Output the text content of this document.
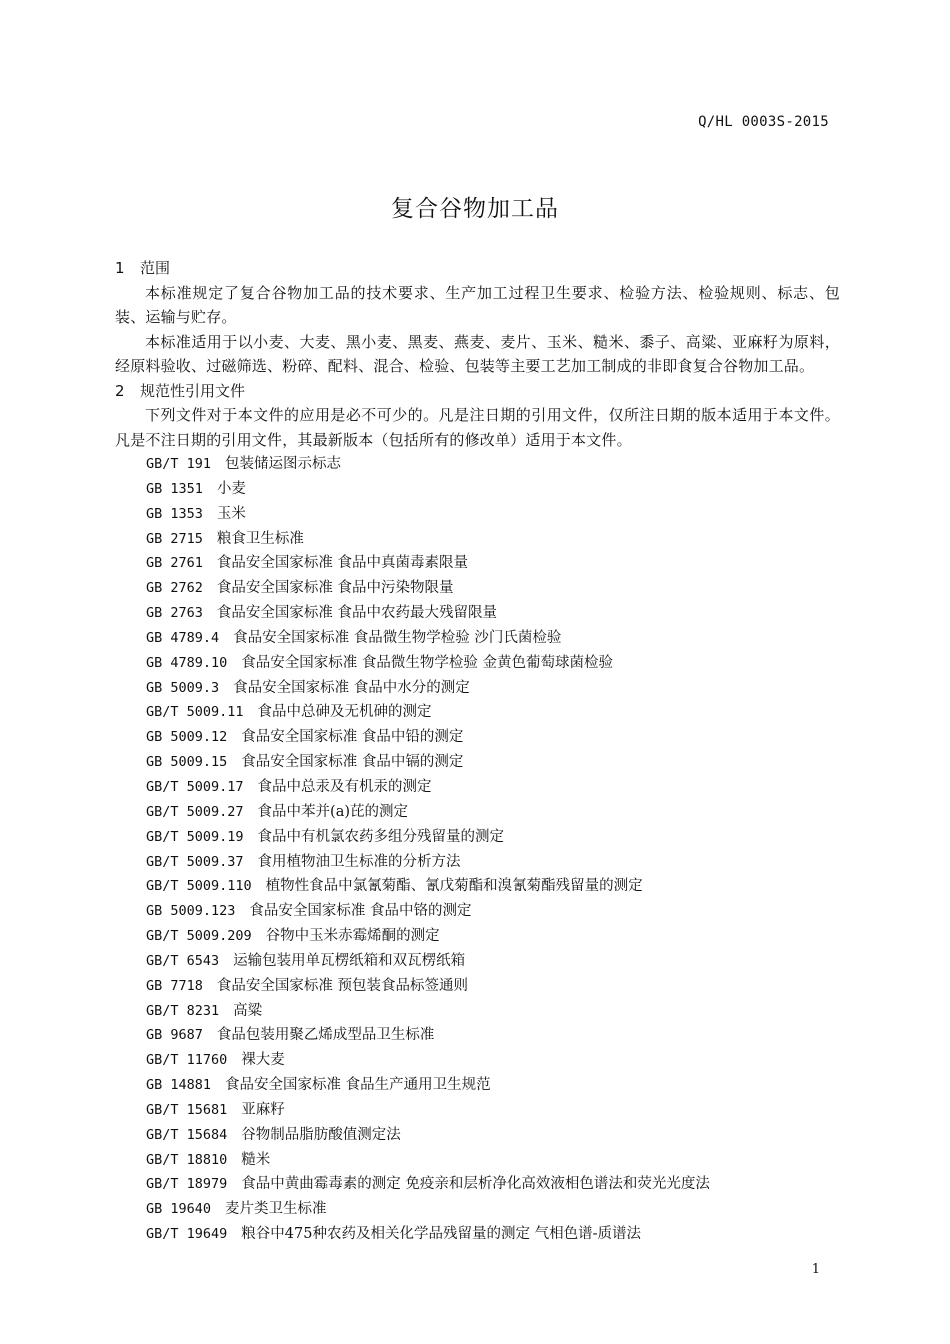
Q/HL 0003S-2015
复合谷物加工品
1 范围

本标准规定了复合谷物加工品的技术要求、生产加工过程卫生要求、检验方法、检验规则、标志、包装、运输与贮存。

本标准适用于以小麦、大麦、黑小麦、黑麦、燕麦、麦片、玉米、糙米、黍子、高粱、亚麻籽为原料，经原料验收、过磁筛选、粉碎、配料、混合、检验、包装等主要工艺加工制成的非即食复合谷物加工品。

2 规范性引用文件

下列文件对于本文件的应用是必不可少的。凡是注日期的引用文件，仅所注日期的版本适用于本文件。凡是不注日期的引用文件，其最新版本（包括所有的修改单）适用于本文件。

GB/T 191 包装储运图示标志
GB 1351 小麦
GB 1353 玉米
GB 2715 粮食卫生标准
GB 2761 食品安全国家标准 食品中真菌毒素限量
GB 2762 食品安全国家标准 食品中污染物限量
GB 2763 食品安全国家标准 食品中农药最大残留限量
GB 4789.4 食品安全国家标准 食品微生物学检验 沙门氏菌检验
GB 4789.10 食品安全国家标准 食品微生物学检验 金黄色葡萄球菌检验
GB 5009.3 食品安全国家标准 食品中水分的测定
GB/T 5009.11 食品中总砷及无机砷的测定
GB 5009.12 食品安全国家标准 食品中铅的测定
GB 5009.15 食品安全国家标准 食品中镉的测定
GB/T 5009.17 食品中总汞及有机汞的测定
GB/T 5009.27 食品中苯并(a)芘的测定
GB/T 5009.19 食品中有机氯农药多组分残留量的测定
GB/T 5009.37 食用植物油卫生标准的分析方法
GB/T 5009.110 植物性食品中氯氰菊酯、氰戊菊酯和溴氰菊酯残留量的测定
GB 5009.123 食品安全国家标准 食品中铬的测定
GB/T 5009.209 谷物中玉米赤霉烯酮的测定
GB/T 6543 运输包装用单瓦楞纸箱和双瓦楞纸箱
GB 7718 食品安全国家标准 预包装食品标签通则
GB/T 8231 高粱
GB 9687 食品包装用聚乙烯成型品卫生标准
GB/T 11760 裸大麦
GB 14881 食品安全国家标准 食品生产通用卫生规范
GB/T 15681 亚麻籽
GB/T 15684 谷物制品脂肪酸值测定法
GB/T 18810 糙米
GB/T 18979 食品中黄曲霉毒素的测定 免疫亲和层析净化高效液相色谱法和荧光光度法
GB 19640 麦片类卫生标准
GB/T 19649 粮谷中475种农药及相关化学品残留量的测定 气相色谱-质谱法
1
